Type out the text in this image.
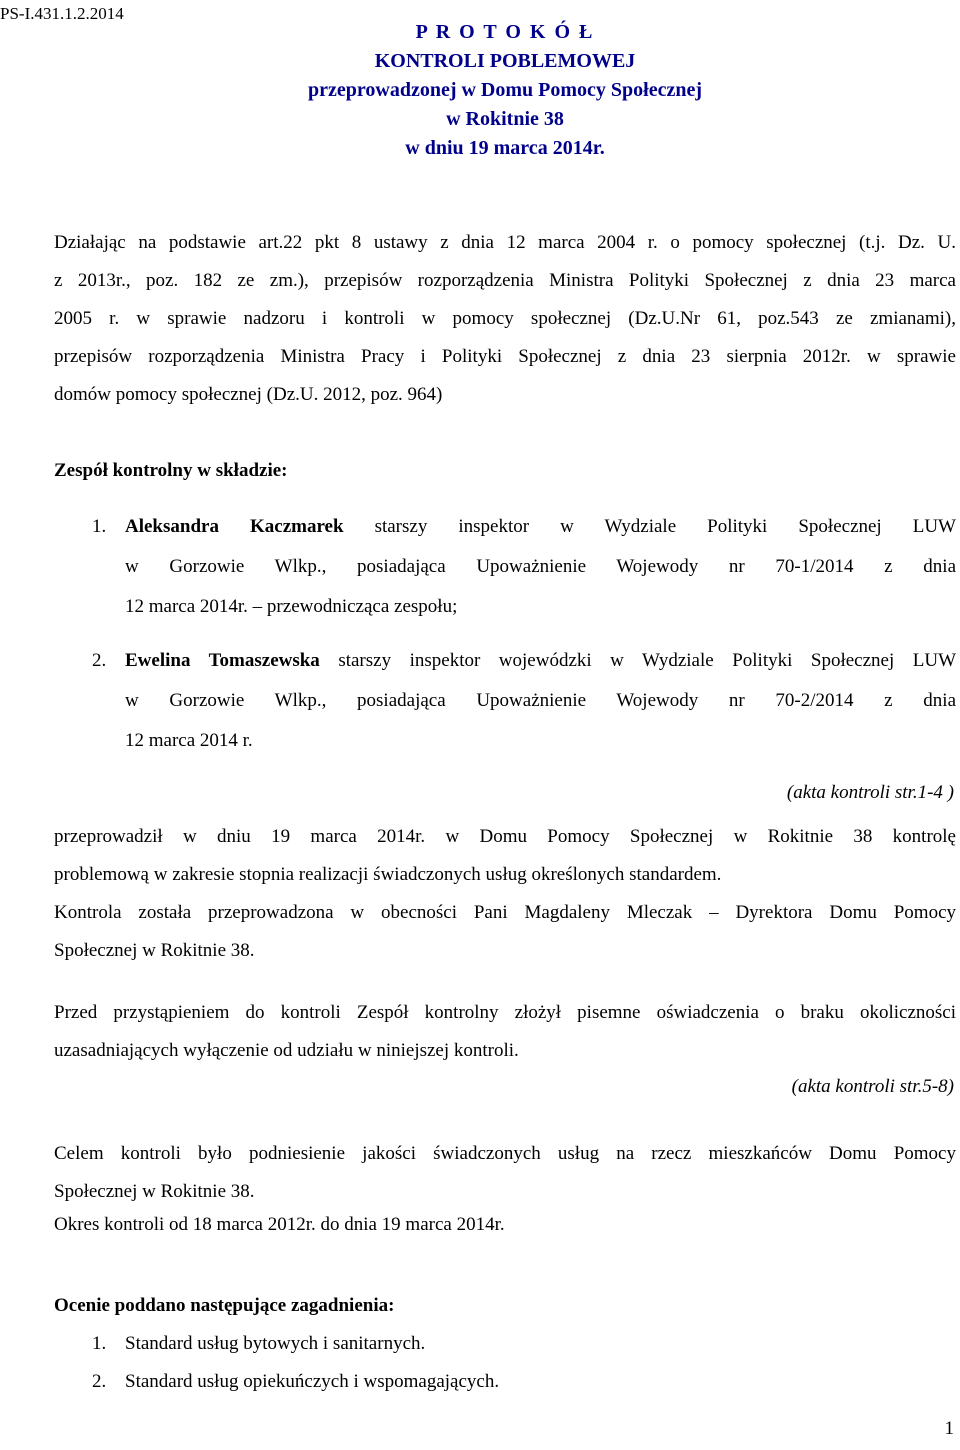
PS-I.431.1.2.2014
P R O T O K Ó Ł
KONTROLI POBLEMOWEJ
przeprowadzonej w Domu Pomocy Społecznej
w Rokitnie 38
w dniu 19 marca 2014r.
Działając na podstawie art.22 pkt 8 ustawy z dnia 12 marca 2004 r. o pomocy społecznej (t.j. Dz. U.
z 2013r., poz. 182 ze zm.), przepisów rozporządzenia Ministra Polityki Społecznej z dnia 23 marca
2005 r. w sprawie nadzoru i kontroli w pomocy społecznej (Dz.U.Nr 61, poz.543 ze zmianami),
przepisów rozporządzenia Ministra Pracy i Polityki Społecznej z dnia 23 sierpnia 2012r. w sprawie
domów pomocy społecznej (Dz.U. 2012, poz. 964)
Zespół kontrolny w składzie:
1. Aleksandra Kaczmarek starszy inspektor w Wydziale Polityki Społecznej LUW
w Gorzowie Wlkp., posiadająca Upoważnienie Wojewody nr 70-1/2014 z dnia
12 marca 2014r. – przewodnicząca zespołu;
2. Ewelina Tomaszewska starszy inspektor wojewódzki w Wydziale Polityki Społecznej LUW
w Gorzowie Wlkp., posiadająca Upoważnienie Wojewody nr 70-2/2014 z dnia
12 marca 2014 r.
(akta kontroli str.1-4 )
przeprowadził w dniu 19 marca 2014r. w Domu Pomocy Społecznej w Rokitnie 38 kontrolę
problemową w zakresie stopnia realizacji świadczonych usług określonych standardem.
Kontrola została przeprowadzona w obecności Pani Magdaleny Mleczak – Dyrektora Domu Pomocy
Społecznej w Rokitnie 38.
Przed przystąpieniem do kontroli Zespół kontrolny złożył pisemne oświadczenia o braku okoliczności
uzasadniających wyłączenie od udziału w niniejszej kontroli.
(akta kontroli str.5-8)
Celem kontroli było podniesienie jakości świadczonych usług na rzecz mieszkańców Domu Pomocy
Społecznej w Rokitnie 38.
Okres kontroli od 18 marca 2012r. do dnia 19 marca 2014r.
Ocenie poddano następujące zagadnienia:
1. Standard usług bytowych i sanitarnych.
2. Standard usług opiekuńczych i wspomagających.
1
